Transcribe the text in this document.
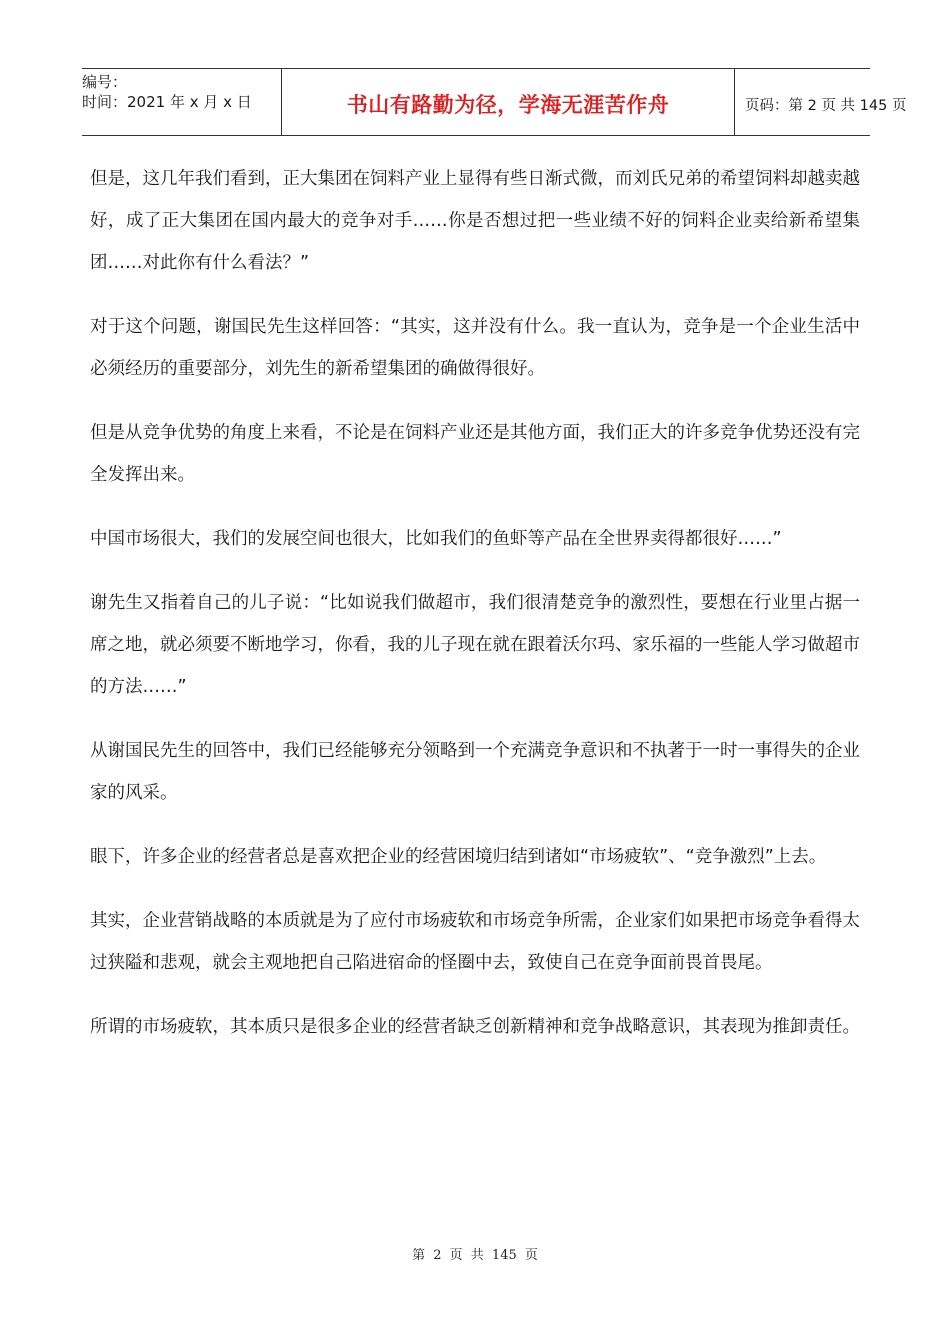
编号：
时间：2021 年 x 月 x 日	书山有路勤为径，学海无涯苦作舟	页码：第 2 页 共 145 页

但是，这几年我们看到，正大集团在饲料产业上显得有些日渐式微，而刘氏兄弟的希望饲料却越卖越好，成了正大集团在国内最大的竞争对手……你是否想过把一些业绩不好的饲料企业卖给新希望集团……对此你有什么看法？”

对于这个问题，谢国民先生这样回答：“其实，这并没有什么。我一直认为，竞争是一个企业生活中必须经历的重要部分，刘先生的新希望集团的确做得很好。

但是从竞争优势的角度上来看，不论是在饲料产业还是其他方面，我们正大的许多竞争优势还没有完全发挥出来。

中国市场很大，我们的发展空间也很大，比如我们的鱼虾等产品在全世界卖得都很好……”

谢先生又指着自己的儿子说：“比如说我们做超市，我们很清楚竞争的激烈性，要想在行业里占据一席之地，就必须要不断地学习，你看，我的儿子现在就在跟着沃尔玛、家乐福的一些能人学习做超市的方法……”

从谢国民先生的回答中，我们已经能够充分领略到一个充满竞争意识和不执著于一时一事得失的企业家的风采。

眼下，许多企业的经营者总是喜欢把企业的经营困境归结到诸如“市场疲软”、“竞争激烈”上去。

其实，企业营销战略的本质就是为了应付市场疲软和市场竞争所需，企业家们如果把市场竞争看得太过狭隘和悲观，就会主观地把自己陷进宿命的怪圈中去，致使自己在竞争面前畏首畏尾。

所谓的市场疲软，其本质只是很多企业的经营者缺乏创新精神和竞争战略意识，其表现为推卸责任。

第 2 页 共 145 页
